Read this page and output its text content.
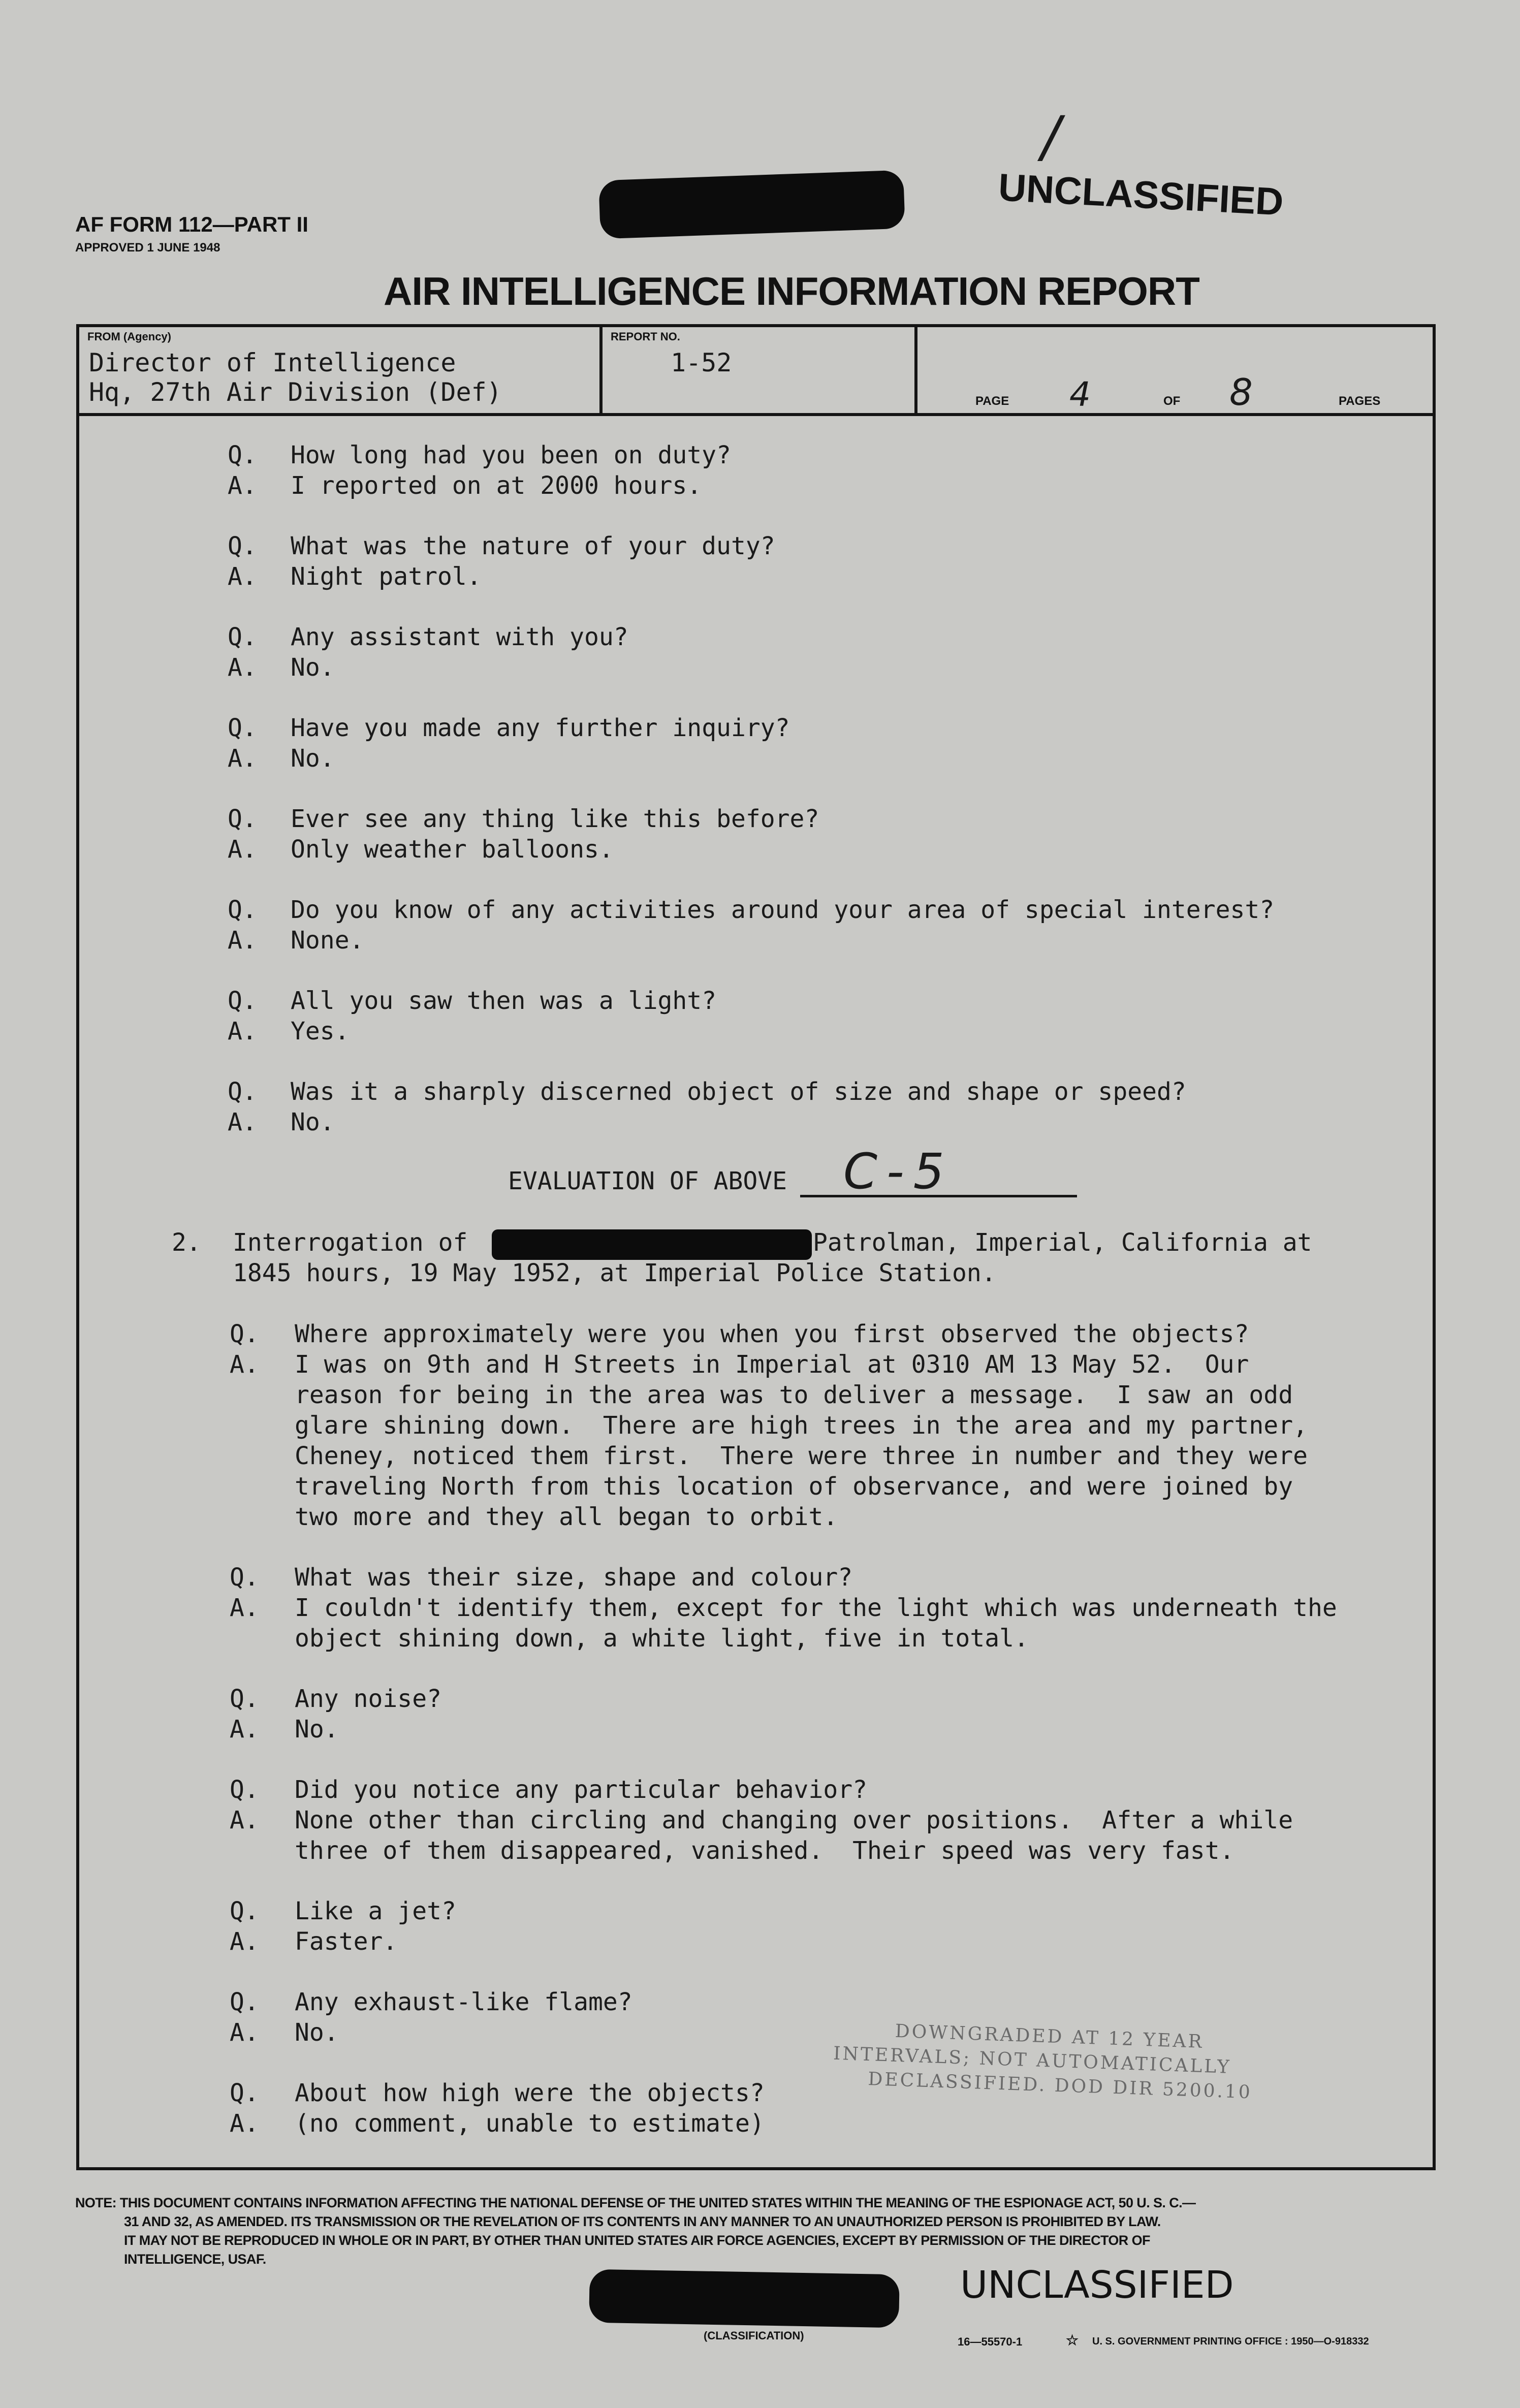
/
UNCLASSIFIED
AF FORM 112—PART II
APPROVED 1 JUNE 1948
AIR INTELLIGENCE INFORMATION REPORT
FROM (Agency)
Director of Intelligence
Hq, 27th Air Division (Def)
REPORT NO.
1-52
PAGE 4	OF 8	PAGES
Q. How long had you been on duty?
A. I reported on at 2000 hours.
Q. What was the nature of your duty?
A. Night patrol.
Q. Any assistant with you?
A. No.
Q. Have you made any further inquiry?
A. No.
Q. Ever see any thing like this before?
A. Only weather balloons.
Q. Do you know of any activities around your area of special interest?
A. None.
Q. All you saw then was a light?
A. Yes.
Q. Was it a sharply discerned object of size and shape or speed?
A. No.
EVALUATION OF ABOVE C-5
2. Interrogation of	Patrolman, Imperial, California at
1845 hours, 19 May 1952, at Imperial Police Station.
Q. Where approximately were you when you first observed the objects?
A. I was on 9th and H Streets in Imperial at 0310 AM 13 May 52.  Our
reason for being in the area was to deliver a message.  I saw an odd
glare shining down.  There are high trees in the area and my partner,
Cheney, noticed them first.  There were three in number and they were
traveling North from this location of observance, and were joined by
two more and they all began to orbit.
Q. What was their size, shape and colour?
A. I couldn't identify them, except for the light which was underneath the
object shining down, a white light, five in total.
Q. Any noise?
A. No.
Q. Did you notice any particular behavior?
A. None other than circling and changing over positions.  After a while
three of them disappeared, vanished.  Their speed was very fast.
Q. Like a jet?
A. Faster.
Q. Any exhaust-like flame?
A. No.
Q. About how high were the objects?
A. (no comment, unable to estimate)
DOWNGRADED AT 12 YEAR
INTERVALS; NOT AUTOMATICALLY
DECLASSIFIED. DOD DIR 5200.10
NOTE: THIS DOCUMENT CONTAINS INFORMATION AFFECTING THE NATIONAL DEFENSE OF THE UNITED STATES WITHIN THE MEANING OF THE ESPIONAGE ACT, 50 U. S. C.—
31 AND 32, AS AMENDED. ITS TRANSMISSION OR THE REVELATION OF ITS CONTENTS IN ANY MANNER TO AN UNAUTHORIZED PERSON IS PROHIBITED BY LAW.
IT MAY NOT BE REPRODUCED IN WHOLE OR IN PART, BY OTHER THAN UNITED STATES AIR FORCE AGENCIES, EXCEPT BY PERMISSION OF THE DIRECTOR OF
INTELLIGENCE, USAF.
(CLASSIFICATION)
UNCLASSIFIED
16—55570-1	☆ U. S. GOVERNMENT PRINTING OFFICE : 1950—O-918332
